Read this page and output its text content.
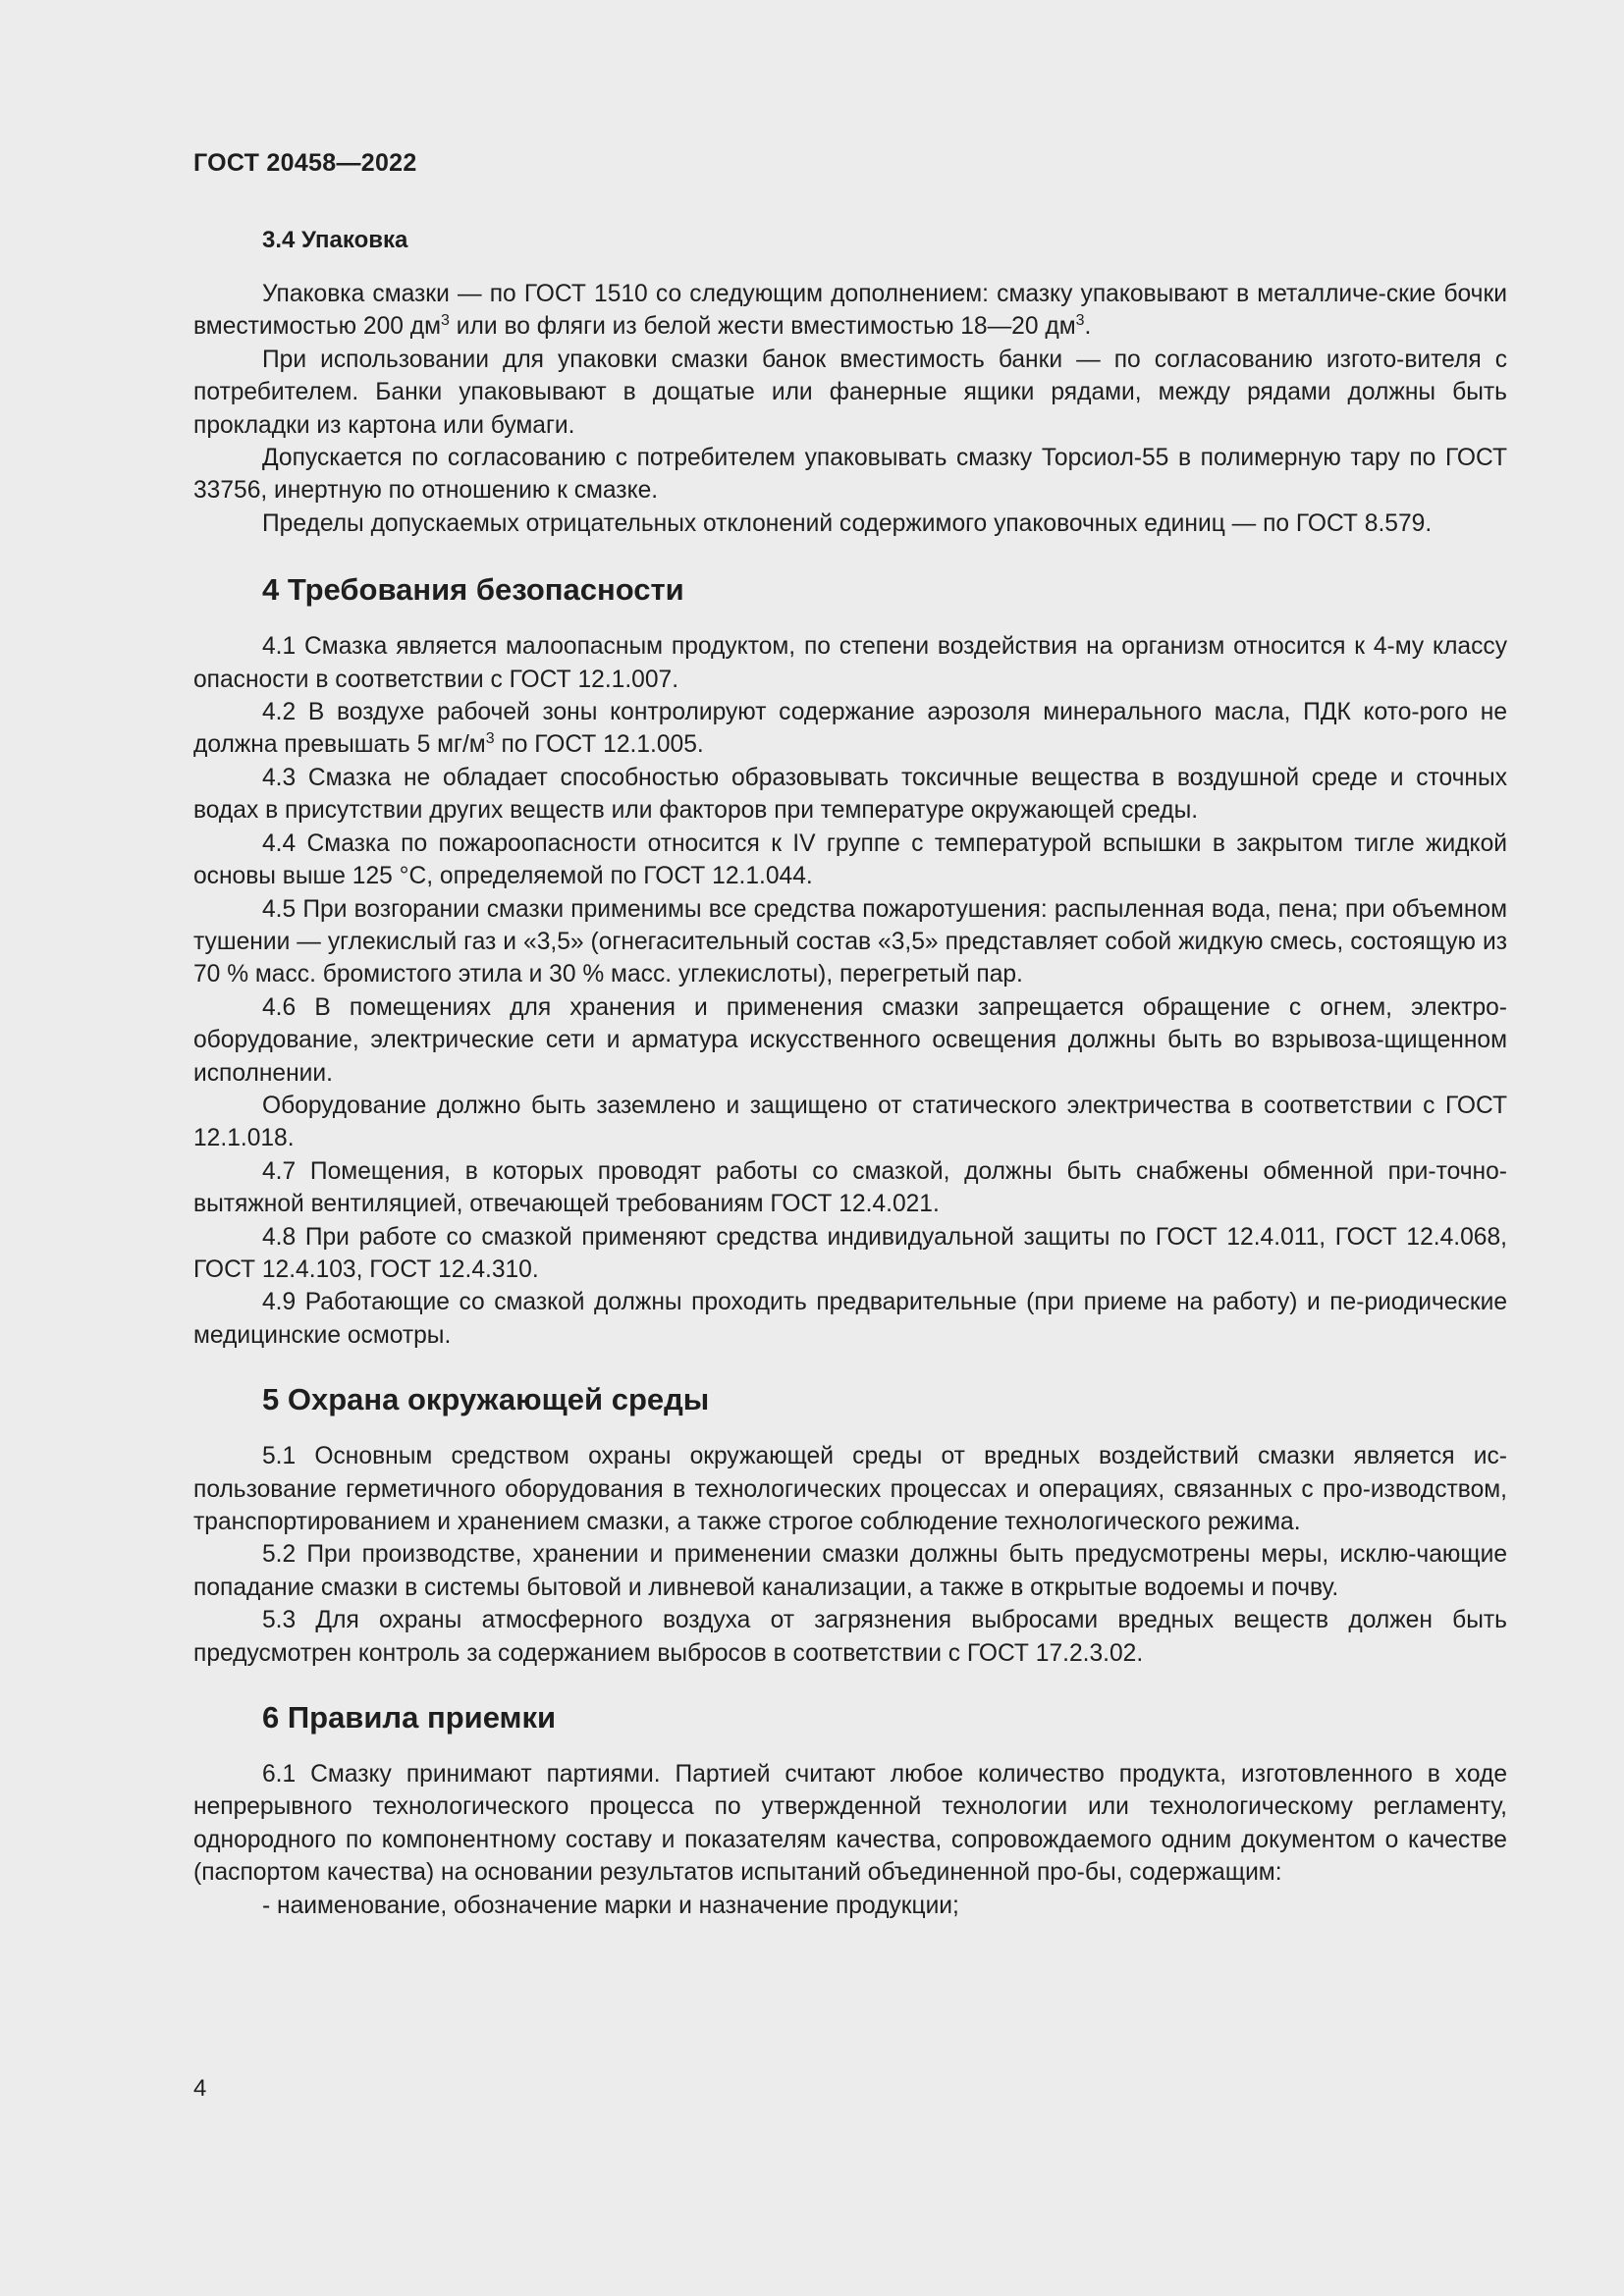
ГОСТ 20458—2022
3.4 Упаковка

Упаковка смазки — по ГОСТ 1510 со следующим дополнением: смазку упаковывают в металличе-ские бочки вместимостью 200 $дм^3$ или во фляги из белой жести вместимостью 18—20 $дм^3$.

При использовании для упаковки смазки банок вместимость банки — по согласованию изгото-вителя с потребителем. Банки упаковывают в дощатые или фанерные ящики рядами, между рядами должны быть прокладки из картона или бумаги.

Допускается по согласованию с потребителем упаковывать смазку Торсиол-55 в полимерную тару по ГОСТ 33756, инертную по отношению к смазке.

Пределы допускаемых отрицательных отклонений содержимого упаковочных единиц — по ГОСТ 8.579.

4 Требования безопасности

4.1 Смазка является малоопасным продуктом, по степени воздействия на организм относится к 4-му классу опасности в соответствии с ГОСТ 12.1.007.

4.2 В воздухе рабочей зоны контролируют содержание аэрозоля минерального масла, ПДК кото-рого не должна превышать 5 $мг/м^3$ по ГОСТ 12.1.005.

4.3 Смазка не обладает способностью образовывать токсичные вещества в воздушной среде и сточных водах в присутствии других веществ или факторов при температуре окружающей среды.

4.4 Смазка по пожароопасности относится к IV группе с температурой вспышки в закрытом тигле жидкой основы выше 125 °С, определяемой по ГОСТ 12.1.044.

4.5 При возгорании смазки применимы все средства пожаротушения: распыленная вода, пена; при объемном тушении — углекислый газ и «3,5» (огнегасительный состав «3,5» представляет собой жидкую смесь, состоящую из 70 % масс. бромистого этила и 30 % масс. углекислоты), перегретый пар.

4.6 В помещениях для хранения и применения смазки запрещается обращение с огнем, электро-оборудование, электрические сети и арматура искусственного освещения должны быть во взрывоза-щищенном исполнении.

Оборудование должно быть заземлено и защищено от статического электричества в соответствии с ГОСТ 12.1.018.

4.7 Помещения, в которых проводят работы со смазкой, должны быть снабжены обменной при-точно-вытяжной вентиляцией, отвечающей требованиям ГОСТ 12.4.021.

4.8 При работе со смазкой применяют средства индивидуальной защиты по ГОСТ 12.4.011, ГОСТ 12.4.068, ГОСТ 12.4.103, ГОСТ 12.4.310.

4.9 Работающие со смазкой должны проходить предварительные (при приеме на работу) и пе-риодические медицинские осмотры.

5 Охрана окружающей среды

5.1 Основным средством охраны окружающей среды от вредных воздействий смазки является ис-пользование герметичного оборудования в технологических процессах и операциях, связанных с про-изводством, транспортированием и хранением смазки, а также строгое соблюдение технологического режима.

5.2 При производстве, хранении и применении смазки должны быть предусмотрены меры, исклю-чающие попадание смазки в системы бытовой и ливневой канализации, а также в открытые водоемы и почву.

5.3 Для охраны атмосферного воздуха от загрязнения выбросами вредных веществ должен быть предусмотрен контроль за содержанием выбросов в соответствии с ГОСТ 17.2.3.02.

6 Правила приемки

6.1 Смазку принимают партиями. Партией считают любое количество продукта, изготовленного в ходе непрерывного технологического процесса по утвержденной технологии или технологическому регламенту, однородного по компонентному составу и показателям качества, сопровождаемого одним документом о качестве (паспортом качества) на основании результатов испытаний объединенной про-бы, содержащим:

- наименование, обозначение марки и назначение продукции;

4
